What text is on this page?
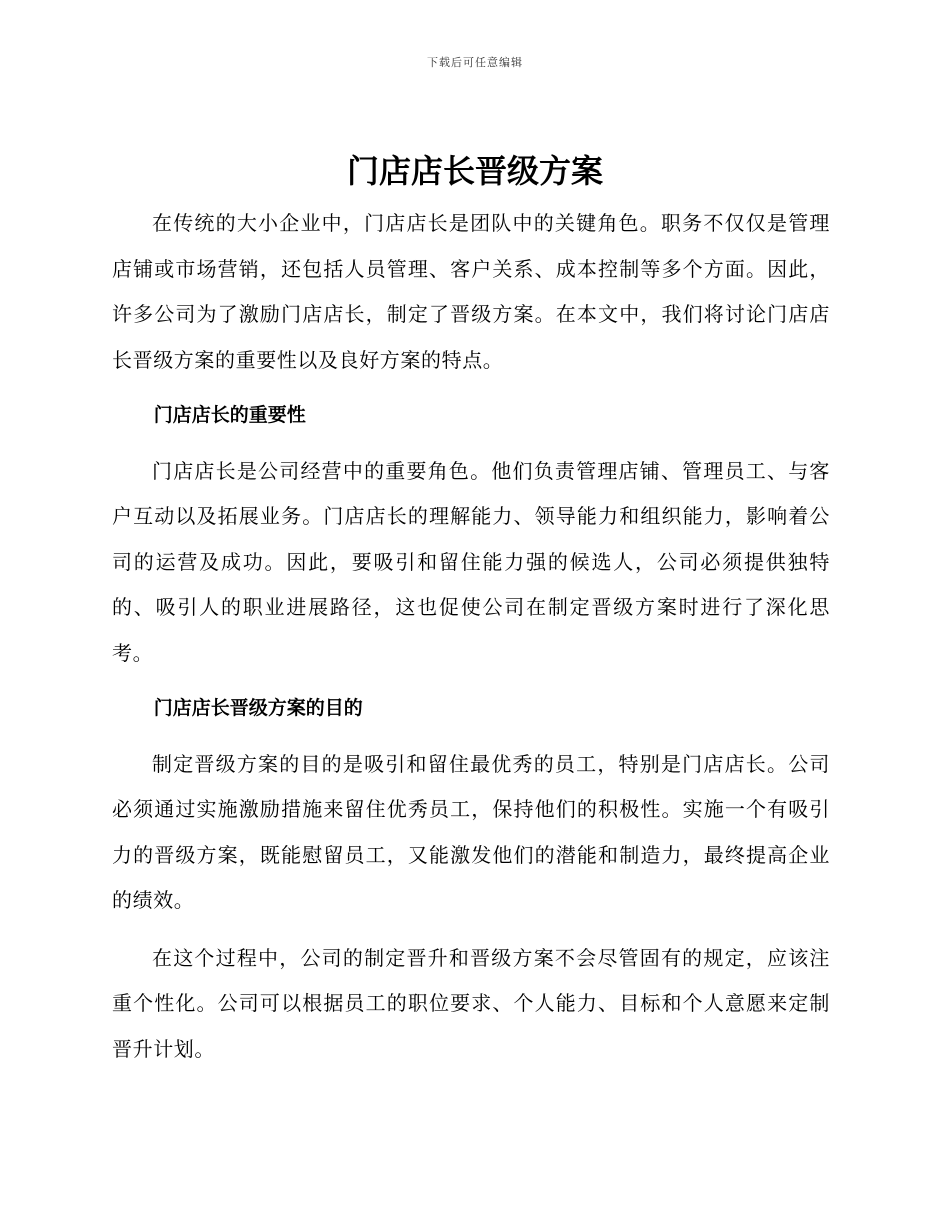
下载后可任意编辑
门店店长晋级方案

在传统的大小企业中，门店店长是团队中的关键角色。职务不仅仅是管理店铺或市场营销，还包括人员管理、客户关系、成本控制等多个方面。因此，许多公司为了激励门店店长，制定了晋级方案。在本文中，我们将讨论门店店长晋级方案的重要性以及良好方案的特点。

门店店长的重要性

门店店长是公司经营中的重要角色。他们负责管理店铺、管理员工、与客户互动以及拓展业务。门店店长的理解能力、领导能力和组织能力，影响着公司的运营及成功。因此，要吸引和留住能力强的候选人，公司必须提供独特的、吸引人的职业进展路径，这也促使公司在制定晋级方案时进行了深化思考。

门店店长晋级方案的目的

制定晋级方案的目的是吸引和留住最优秀的员工，特别是门店店长。公司必须通过实施激励措施来留住优秀员工，保持他们的积极性。实施一个有吸引力的晋级方案，既能慰留员工，又能激发他们的潜能和制造力，最终提高企业的绩效。

在这个过程中，公司的制定晋升和晋级方案不会尽管固有的规定，应该注重个性化。公司可以根据员工的职位要求、个人能力、目标和个人意愿来定制晋升计划。
